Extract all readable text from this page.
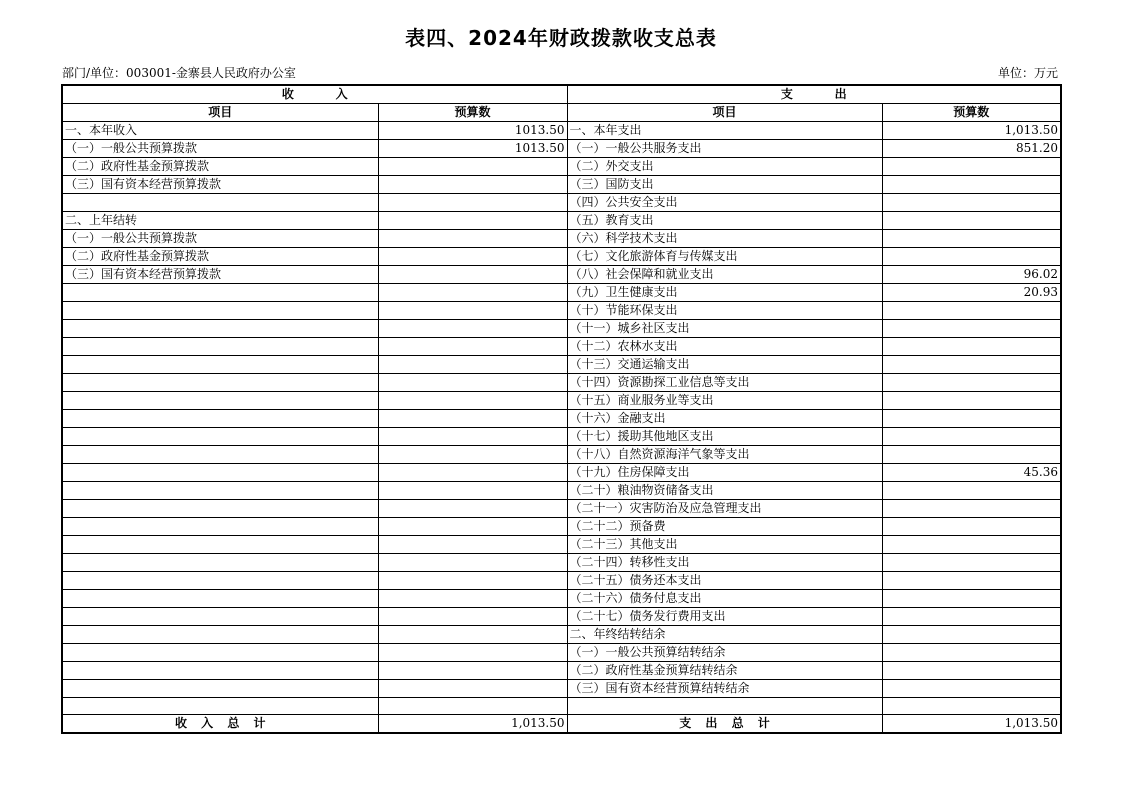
表四、2024年财政拨款收支总表
部门/单位：003001-金寨县人民政府办公室	单位：万元
收          入		支          出	
项目	预算数	项目	预算数
一、本年收入	1013.50	一、本年支出	1,013.50
（一）一般公共预算拨款	1013.50	（一）一般公共服务支出	851.20
（二）政府性基金预算拨款		（二）外交支出	
（三）国有资本经营预算拨款		（三）国防支出	
		（四）公共安全支出	
二、上年结转		（五）教育支出	
（一）一般公共预算拨款		（六）科学技术支出	
（二）政府性基金预算拨款		（七）文化旅游体育与传媒支出	
（三）国有资本经营预算拨款		（八）社会保障和就业支出	96.02
		（九）卫生健康支出	20.93
		（十）节能环保支出	
		（十一）城乡社区支出	
		（十二）农林水支出	
		（十三）交通运输支出	
		（十四）资源勘探工业信息等支出	
		（十五）商业服务业等支出	
		（十六）金融支出	
		（十七）援助其他地区支出	
		（十八）自然资源海洋气象等支出	
		（十九）住房保障支出	45.36
		（二十）粮油物资储备支出	
		（二十一）灾害防治及应急管理支出	
		（二十二）预备费	
		（二十三）其他支出	
		（二十四）转移性支出	
		（二十五）债务还本支出	
		（二十六）债务付息支出	
		（二十七）债务发行费用支出	
		二、年终结转结余	
		（一）一般公共预算结转结余	
		（二）政府性基金预算结转结余	
		（三）国有资本经营预算结转结余	

收 入 总 计	1,013.50	支 出 总 计	1,013.50
